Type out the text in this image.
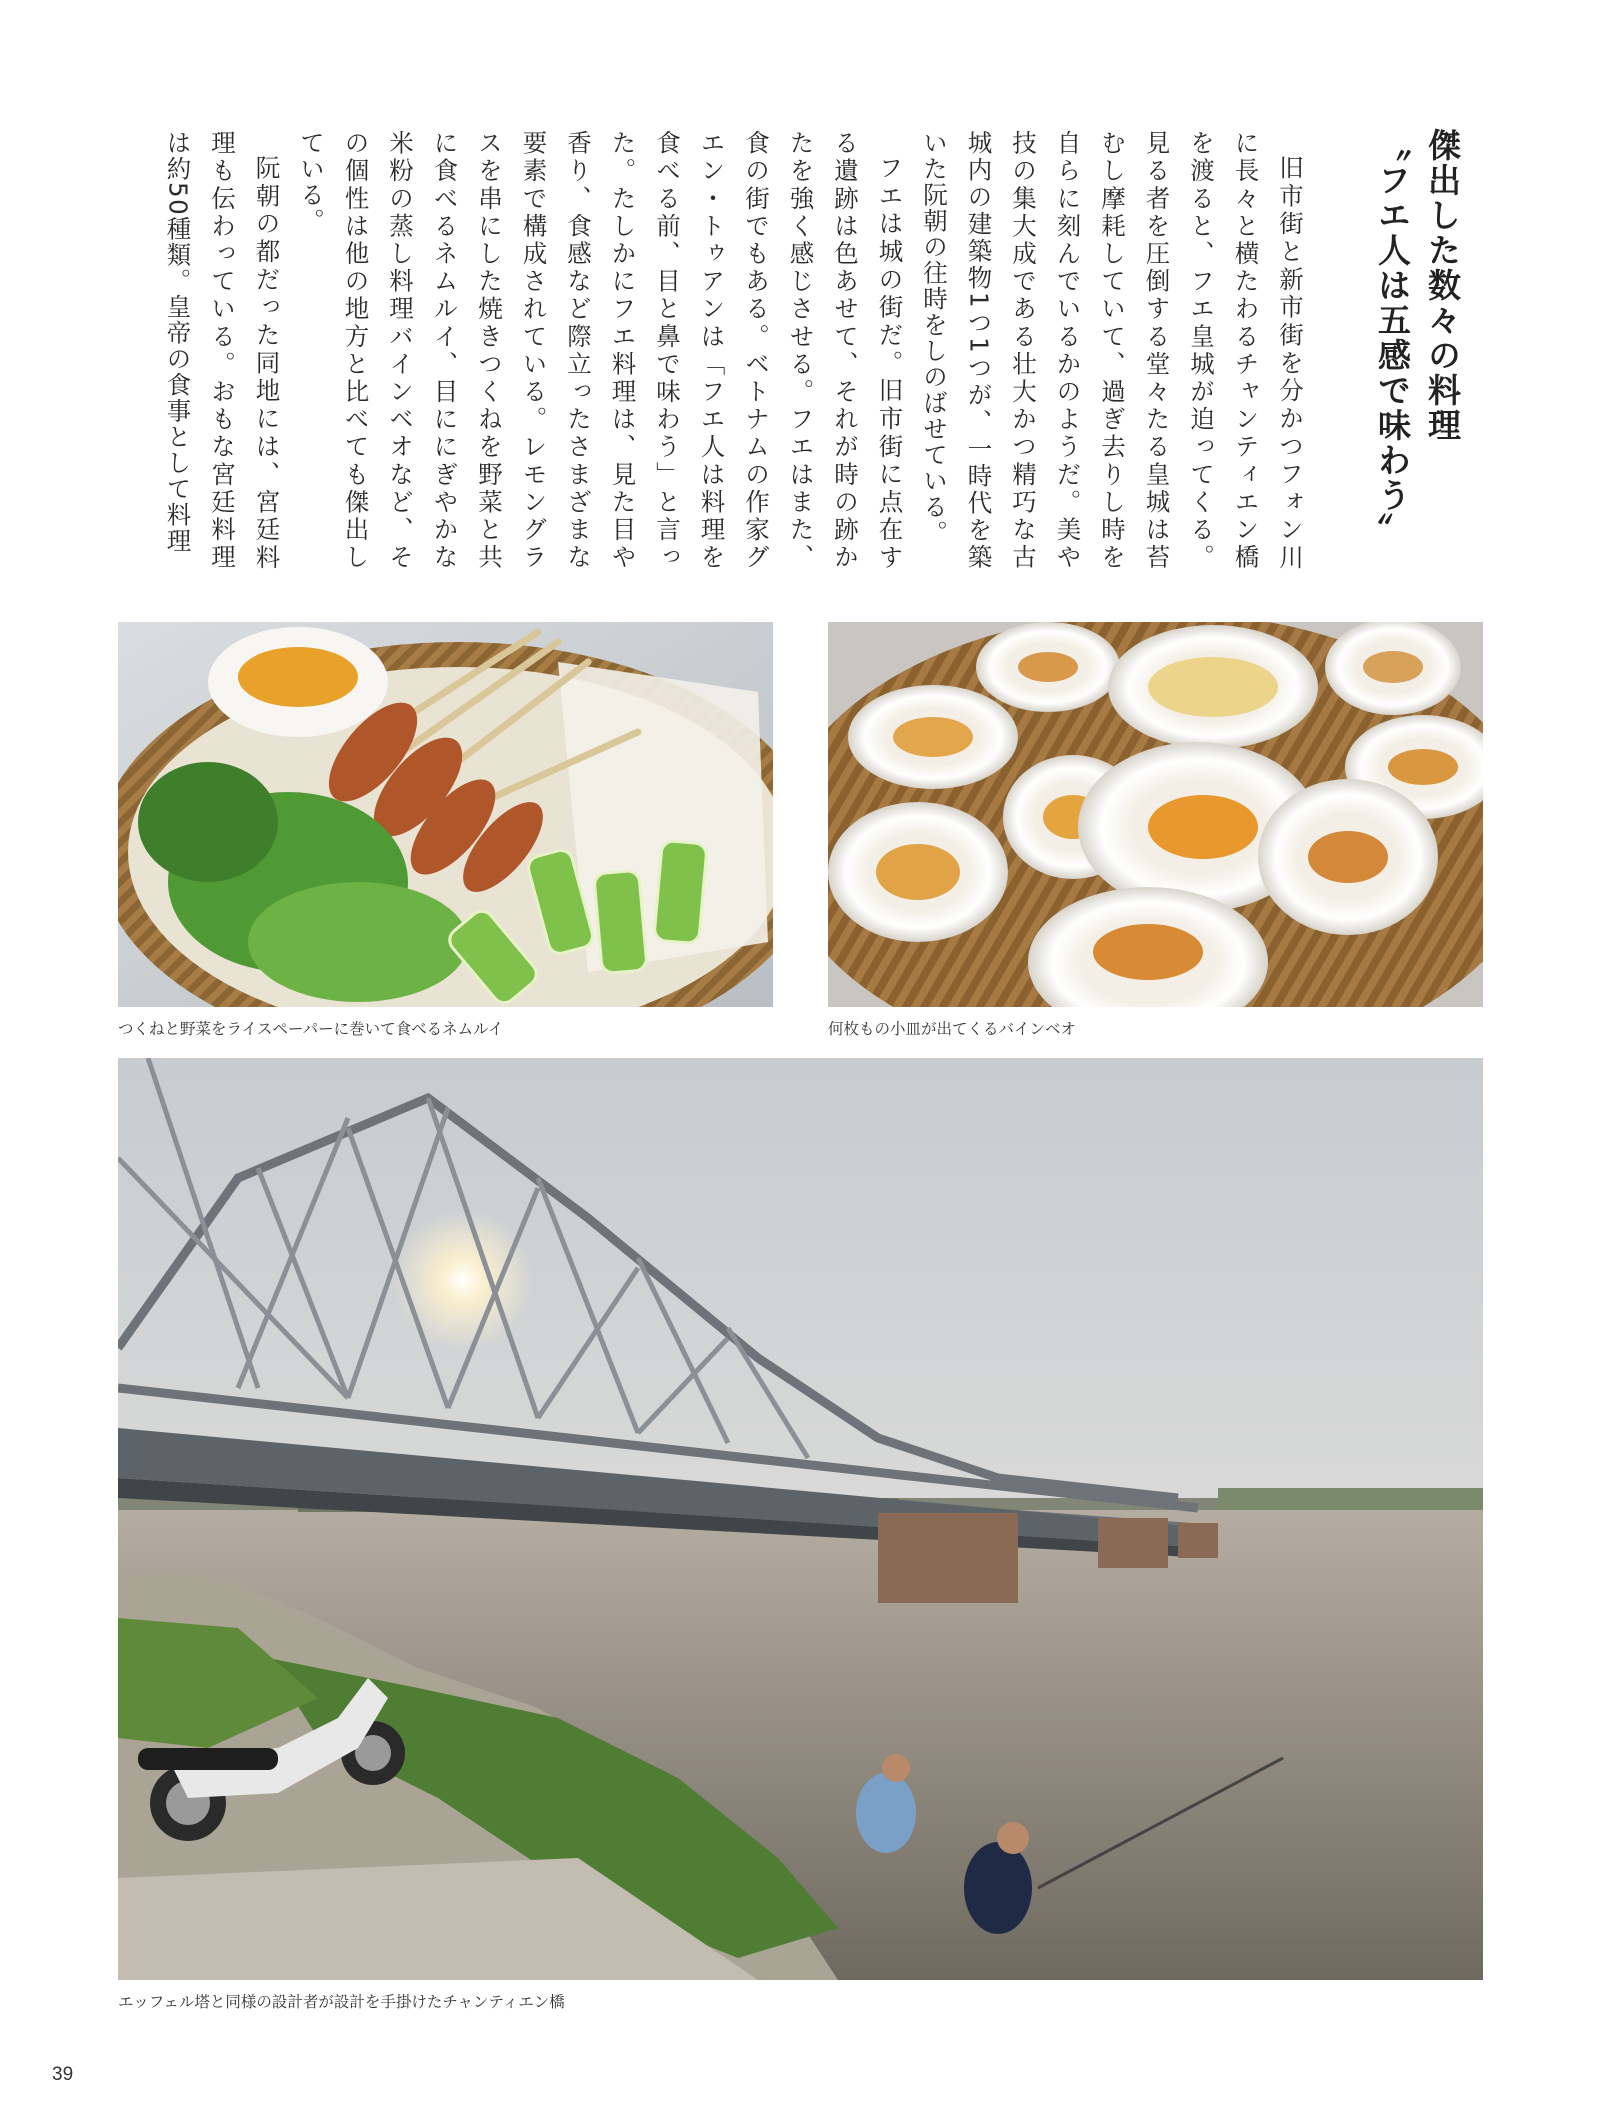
傑出した数々の料理
〝フエ人は五感で味わう〟

旧市街と新市街を分かつフォン川に長々と横たわるチャンティエン橋を渡ると、フエ皇城が迫ってくる。見る者を圧倒する堂々たる皇城は苔むし摩耗していて、過ぎ去りし時を自らに刻んでいるかのようだ。美や技の集大成である壮大かつ精巧な古城内の建築物1つ1つが、一時代を築いた阮朝の往時をしのばせている。

フエは城の街だ。旧市街に点在する遺跡は色あせて、それが時の跡かたを強く感じさせる。フエはまた、食の街でもある。ベトナムの作家グエン・トゥアンは「フエ人は料理を食べる前、目と鼻で味わう」と言った。たしかにフエ料理は、見た目や香り、食感など際立ったさまざまな要素で構成されている。レモングラスを串にした焼きつくねを野菜と共に食べるネムルイ、目ににぎやかな米粉の蒸し料理バインベオなど、その個性は他の地方と比べても傑出している。

阮朝の都だった同地には、宮廷料理も伝わっている。おもな宮廷料理は約50種類。皇帝の食事として料理

つくねと野菜をライスペーパーに巻いて食べるネムルイ	何枚もの小皿が出てくるバインベオ
エッフェル塔と同様の設計者が設計を手掛けたチャンティエン橋
39
